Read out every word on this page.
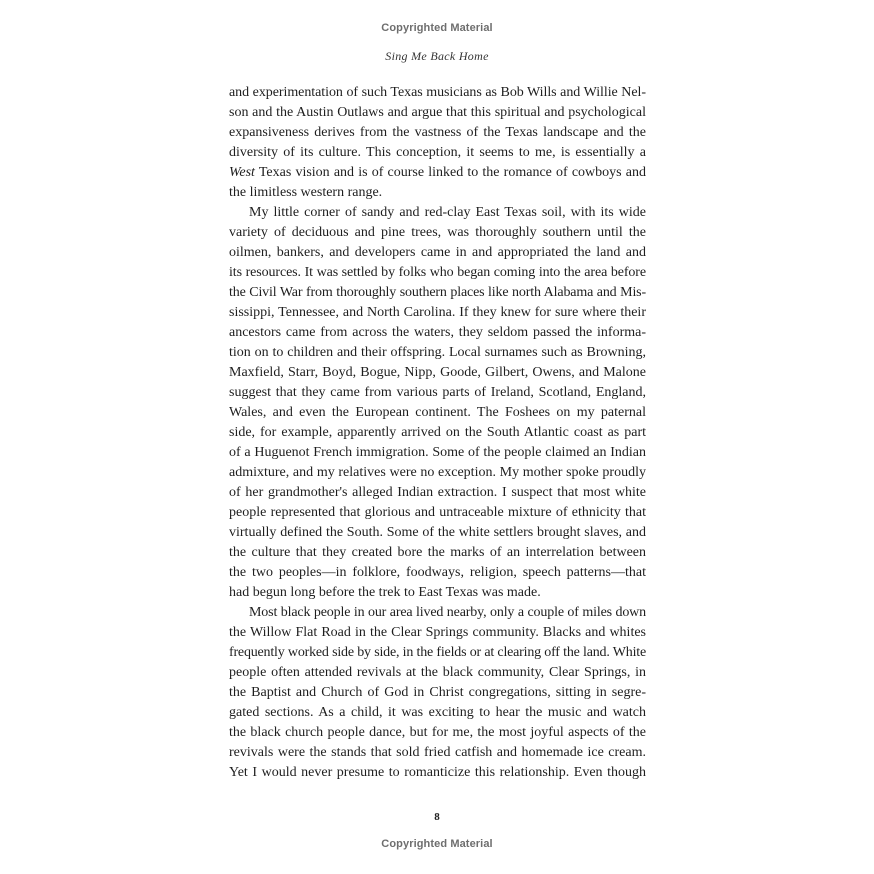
Copyrighted Material
Sing Me Back Home
and experimentation of such Texas musicians as Bob Wills and Willie Nel-
son and the Austin Outlaws and argue that this spiritual and psychological
expansiveness derives from the vastness of the Texas landscape and the
diversity of its culture. This conception, it seems to me, is essentially a
West Texas vision and is of course linked to the romance of cowboys and
the limitless western range.
My little corner of sandy and red-clay East Texas soil, with its wide
variety of deciduous and pine trees, was thoroughly southern until the
oilmen, bankers, and developers came in and appropriated the land and
its resources. It was settled by folks who began coming into the area before
the Civil War from thoroughly southern places like north Alabama and Mis-
sissippi, Tennessee, and North Carolina. If they knew for sure where their
ancestors came from across the waters, they seldom passed the informa-
tion on to children and their offspring. Local surnames such as Browning,
Maxfield, Starr, Boyd, Bogue, Nipp, Goode, Gilbert, Owens, and Malone
suggest that they came from various parts of Ireland, Scotland, England,
Wales, and even the European continent. The Foshees on my paternal
side, for example, apparently arrived on the South Atlantic coast as part
of a Huguenot French immigration. Some of the people claimed an Indian
admixture, and my relatives were no exception. My mother spoke proudly
of her grandmother's alleged Indian extraction. I suspect that most white
people represented that glorious and untraceable mixture of ethnicity that
virtually defined the South. Some of the white settlers brought slaves, and
the culture that they created bore the marks of an interrelation between
the two peoples—in folklore, foodways, religion, speech patterns—that
had begun long before the trek to East Texas was made.
Most black people in our area lived nearby, only a couple of miles down
the Willow Flat Road in the Clear Springs community. Blacks and whites
frequently worked side by side, in the fields or at clearing off the land. White
people often attended revivals at the black community, Clear Springs, in
the Baptist and Church of God in Christ congregations, sitting in segre-
gated sections. As a child, it was exciting to hear the music and watch
the black church people dance, but for me, the most joyful aspects of the
revivals were the stands that sold fried catfish and homemade ice cream.
Yet I would never presume to romanticize this relationship. Even though
8
Copyrighted Material
